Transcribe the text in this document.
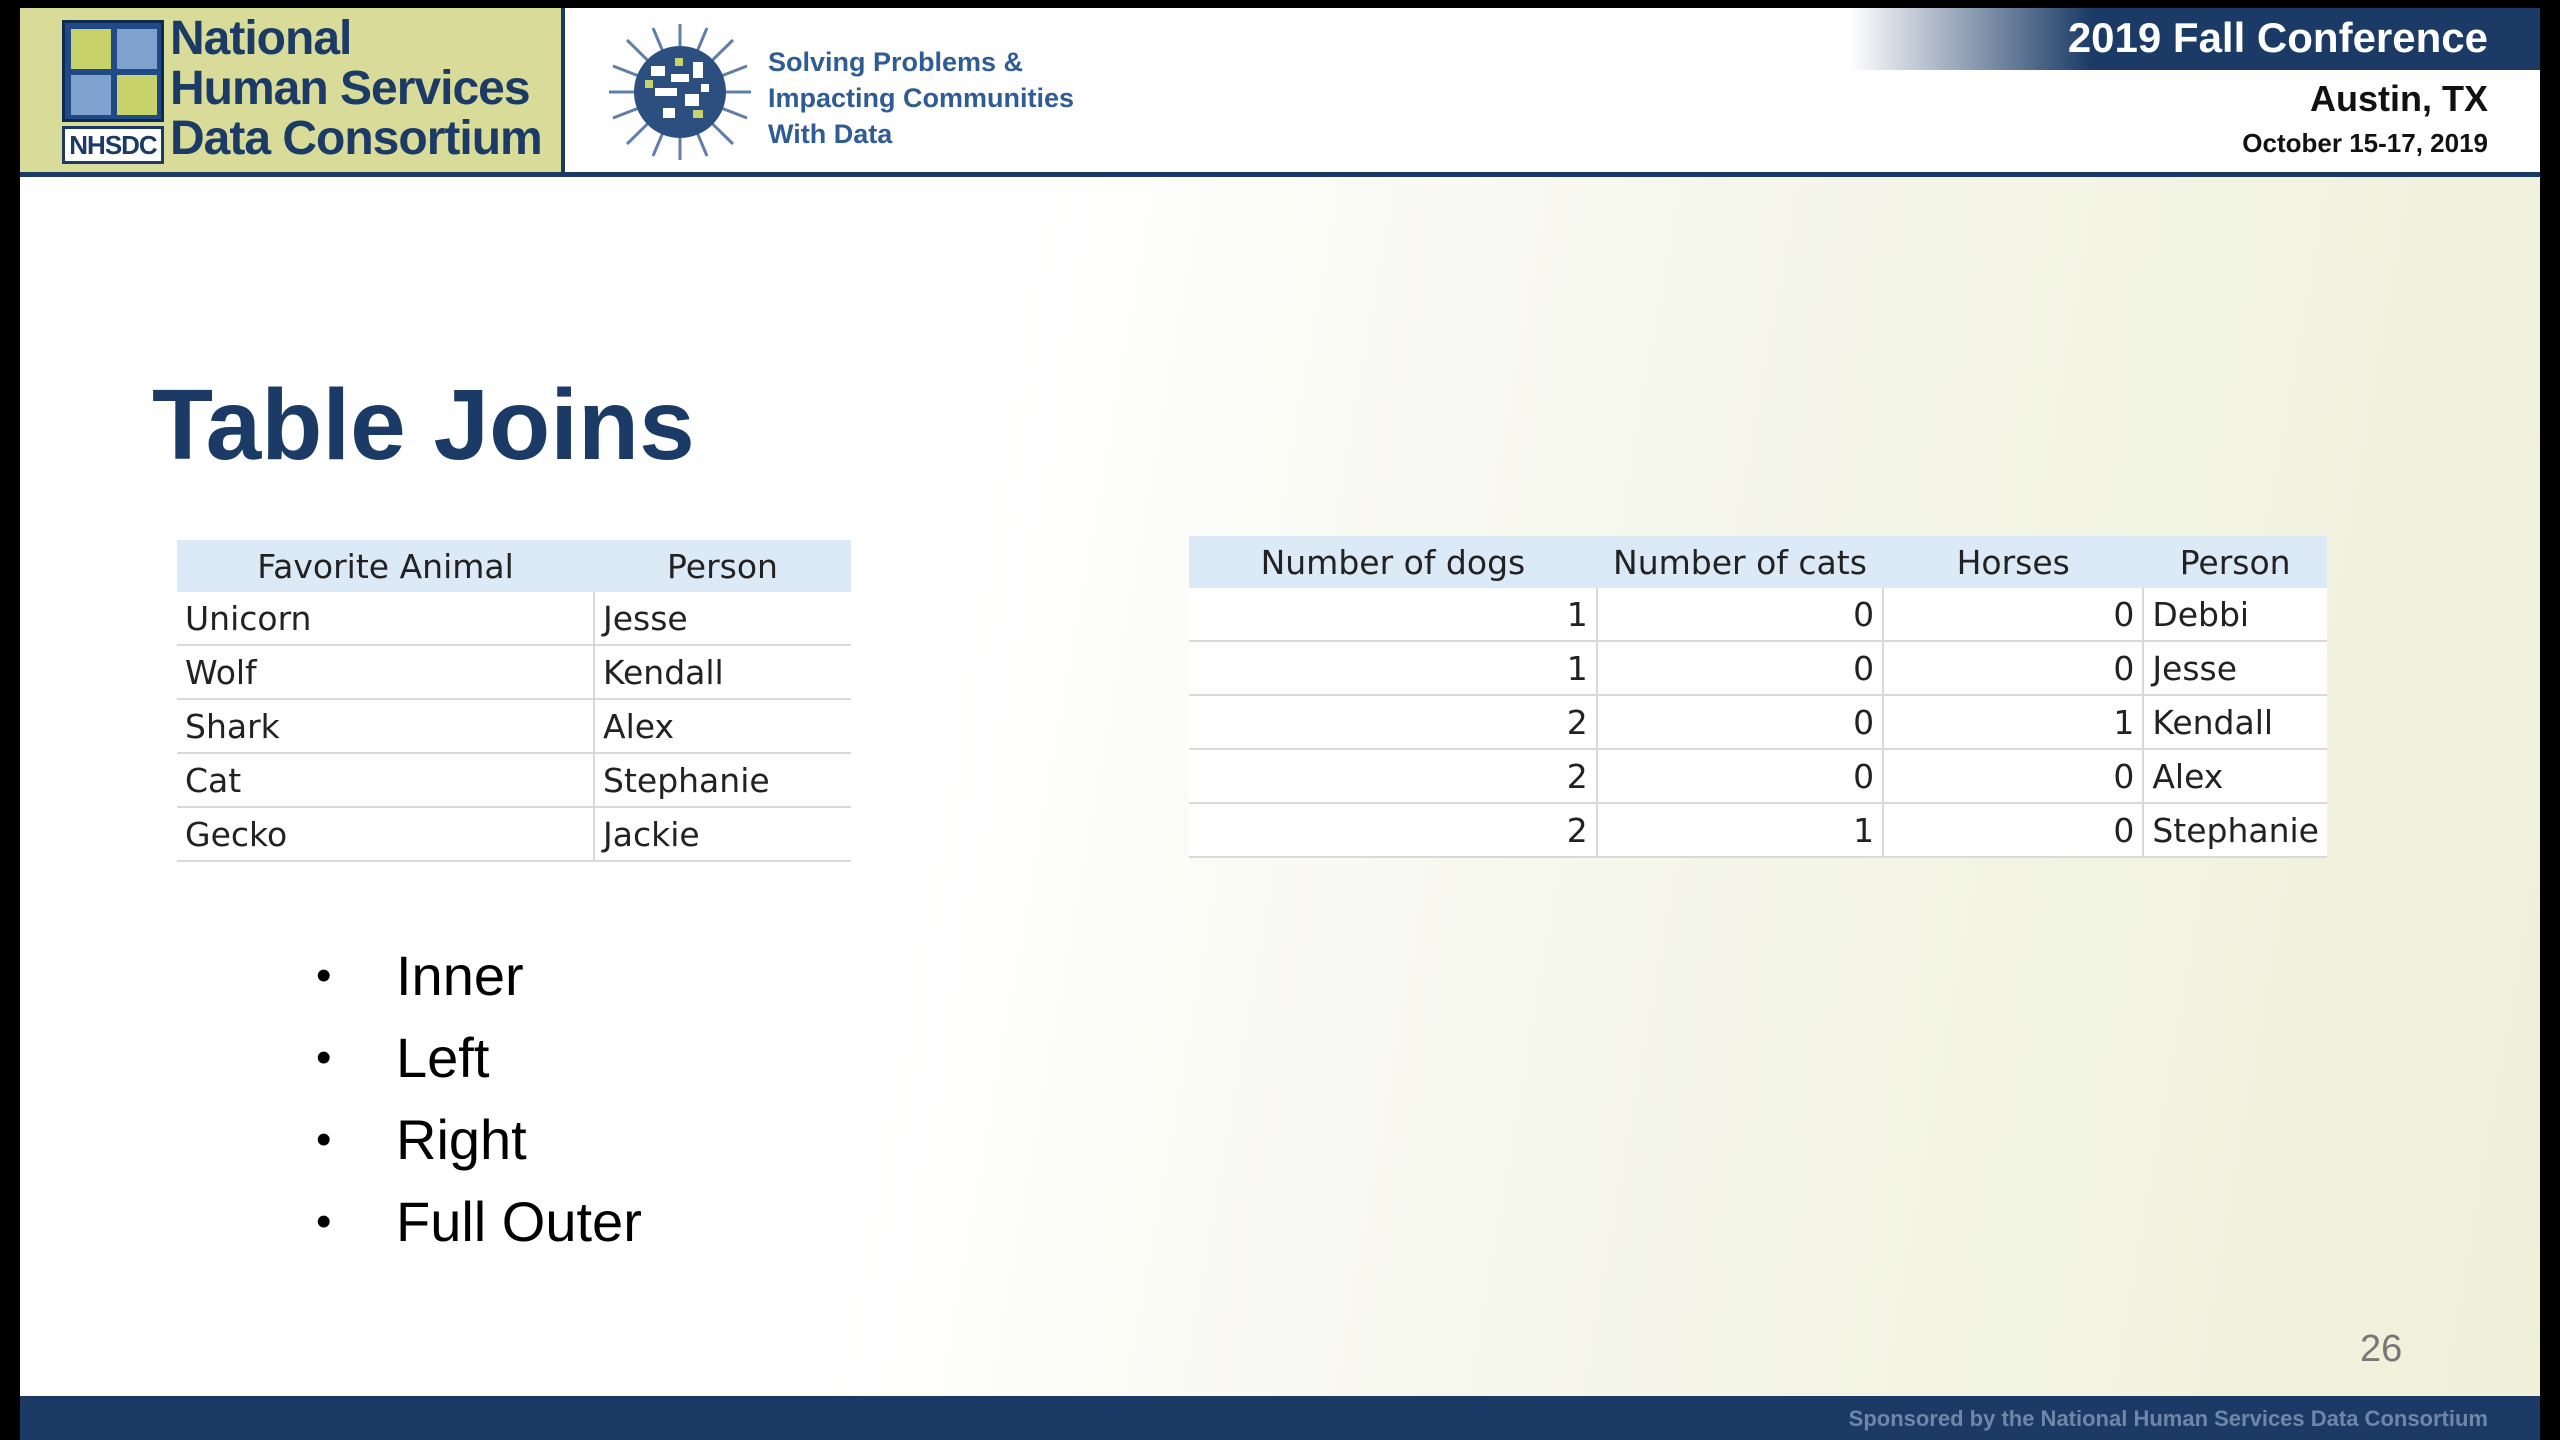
NHSDC
National
Human Services
Data Consortium
Solving Problems &
Impacting Communities
With Data
2019 Fall Conference
Austin, TX
October 15-17, 2019
Table Joins
Favorite Animal	Person
Unicorn	Jesse
Wolf	Kendall
Shark	Alex
Cat	Stephanie
Gecko	Jackie
Number of dogs	Number of cats	Horses	Person
1	0	0	Debbi
1	0	0	Jesse
2	0	1	Kendall
2	0	0	Alex
2	1	0	Stephanie
• Inner
• Left
• Right
• Full Outer
26
Sponsored by the National Human Services Data Consortium
